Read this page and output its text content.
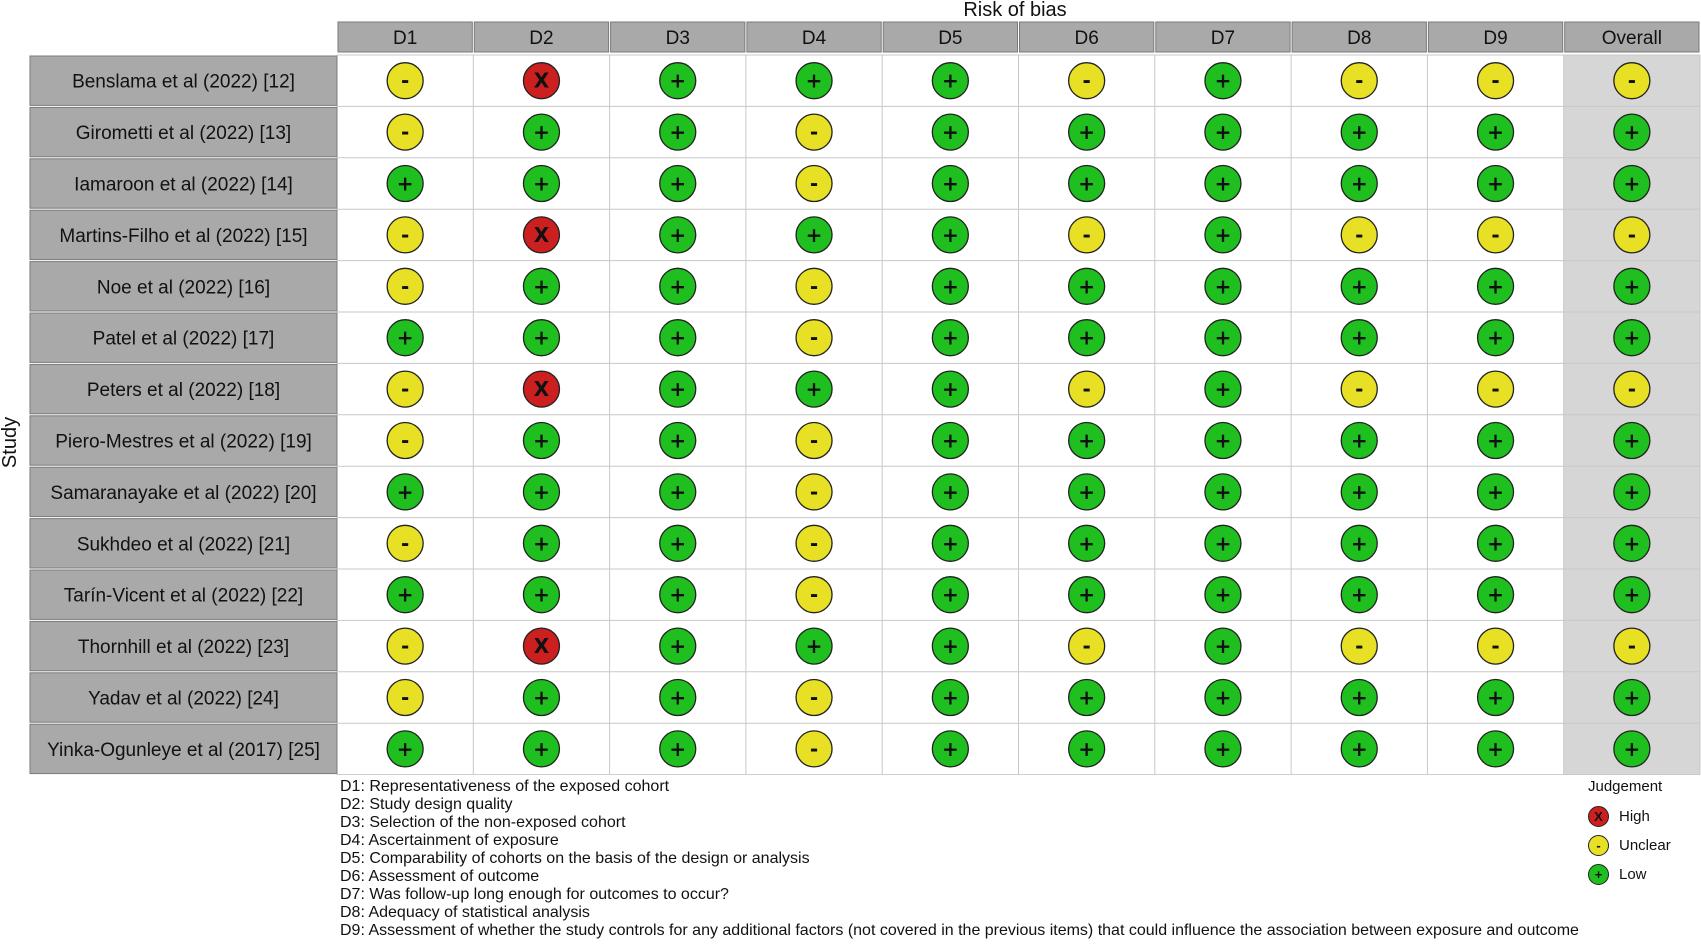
Risk of bias
Study
D1	D2	D3	D4	D5	D6	D7	D8	D9	Overall
Benslama et al (2022) [12]	-	X	+	+	+	-	+	-	-	-
Girometti et al (2022) [13]	-	+	+	-	+	+	+	+	+	+
Iamaroon et al (2022) [14]	+	+	+	-	+	+	+	+	+	+
Martins-Filho et al (2022) [15]	-	X	+	+	+	-	+	-	-	-
Noe et al (2022) [16]	-	+	+	-	+	+	+	+	+	+
Patel et al (2022) [17]	+	+	+	-	+	+	+	+	+	+
Peters et al (2022) [18]	-	X	+	+	+	-	+	-	-	-
Piero-Mestres et al (2022) [19]	-	+	+	-	+	+	+	+	+	+
Samaranayake et al (2022) [20]	+	+	+	-	+	+	+	+	+	+
Sukhdeo et al (2022) [21]	-	+	+	-	+	+	+	+	+	+
Tarín-Vicent et al (2022) [22]	+	+	+	-	+	+	+	+	+	+
Thornhill et al (2022) [23]	-	X	+	+	+	-	+	-	-	-
Yadav et al (2022) [24]	-	+	+	-	+	+	+	+	+	+
Yinka-Ogunleye et al (2017) [25]	+	+	+	-	+	+	+	+	+	+
D1: Representativeness of the exposed cohort
D2: Study design quality
D3: Selection of the non-exposed cohort
D4: Ascertainment of exposure
D5: Comparability of cohorts on the basis of the design or analysis
D6: Assessment of outcome
D7: Was follow-up long enough for outcomes to occur?
D8: Adequacy of statistical analysis
D9: Assessment of whether the study controls for any additional factors (not covered in the previous items) that could influence the association between exposure and outcome
Judgement
X	High
-	Unclear
+	Low
